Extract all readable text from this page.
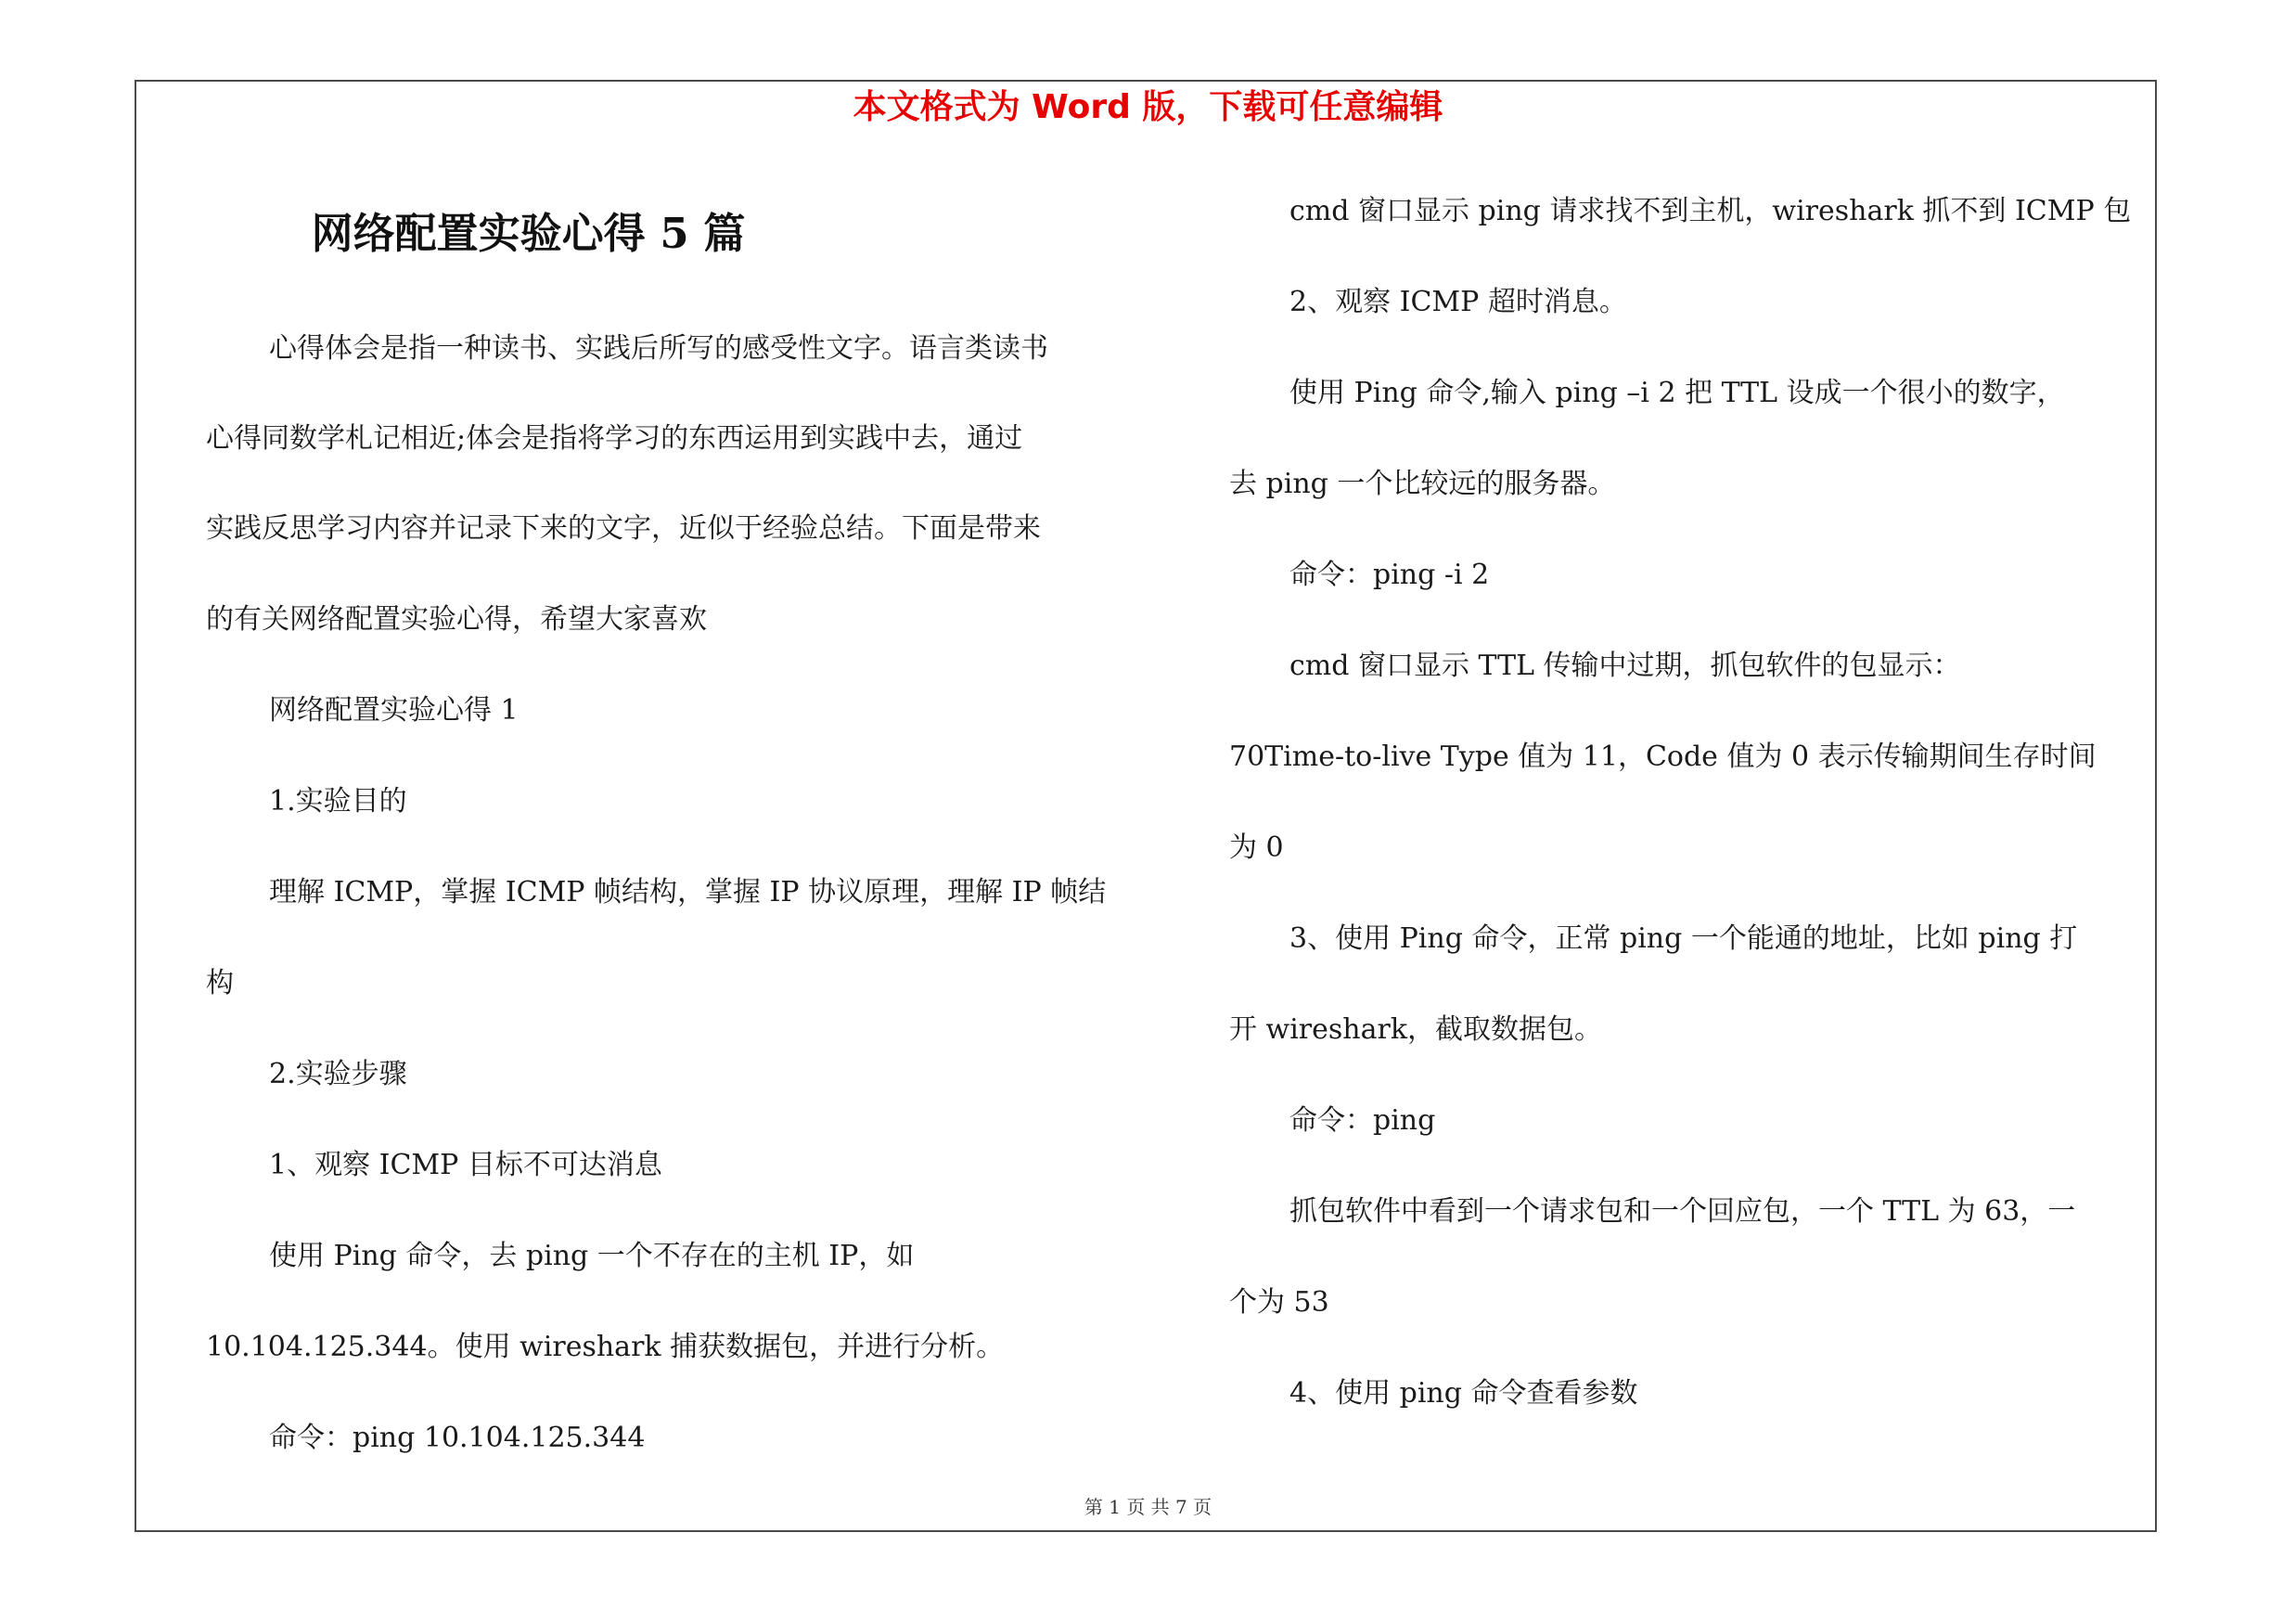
本文格式为 Word 版，下载可任意编辑
网络配置实验心得 5 篇
心得体会是指一种读书、实践后所写的感受性文字。语言类读书
心得同数学札记相近;体会是指将学习的东西运用到实践中去，通过
实践反思学习内容并记录下来的文字，近似于经验总结。下面是带来
的有关网络配置实验心得，希望大家喜欢
网络配置实验心得 1
1.实验目的
理解 ICMP，掌握 ICMP 帧结构，掌握 IP 协议原理，理解 IP 帧结
构
2.实验步骤
1、观察 ICMP 目标不可达消息
使用 Ping 命令，去 ping 一个不存在的主机 IP，如
10.104.125.344。使用 wireshark 捕获数据包，并进行分析。
命令：ping 10.104.125.344
cmd 窗口显示 ping 请求找不到主机，wireshark 抓不到 ICMP 包
2、观察 ICMP 超时消息。
使用 Ping 命令,输入 ping –i 2 把 TTL 设成一个很小的数字，
去 ping 一个比较远的服务器。
命令：ping -i 2
cmd 窗口显示 TTL 传输中过期，抓包软件的包显示：
70Time-to-live Type 值为 11，Code 值为 0 表示传输期间生存时间
为 0
3、使用 Ping 命令，正常 ping 一个能通的地址，比如 ping 打
开 wireshark，截取数据包。
命令：ping
抓包软件中看到一个请求包和一个回应包，一个 TTL 为 63，一
个为 53
4、使用 ping 命令查看参数
第 1 页 共 7 页
